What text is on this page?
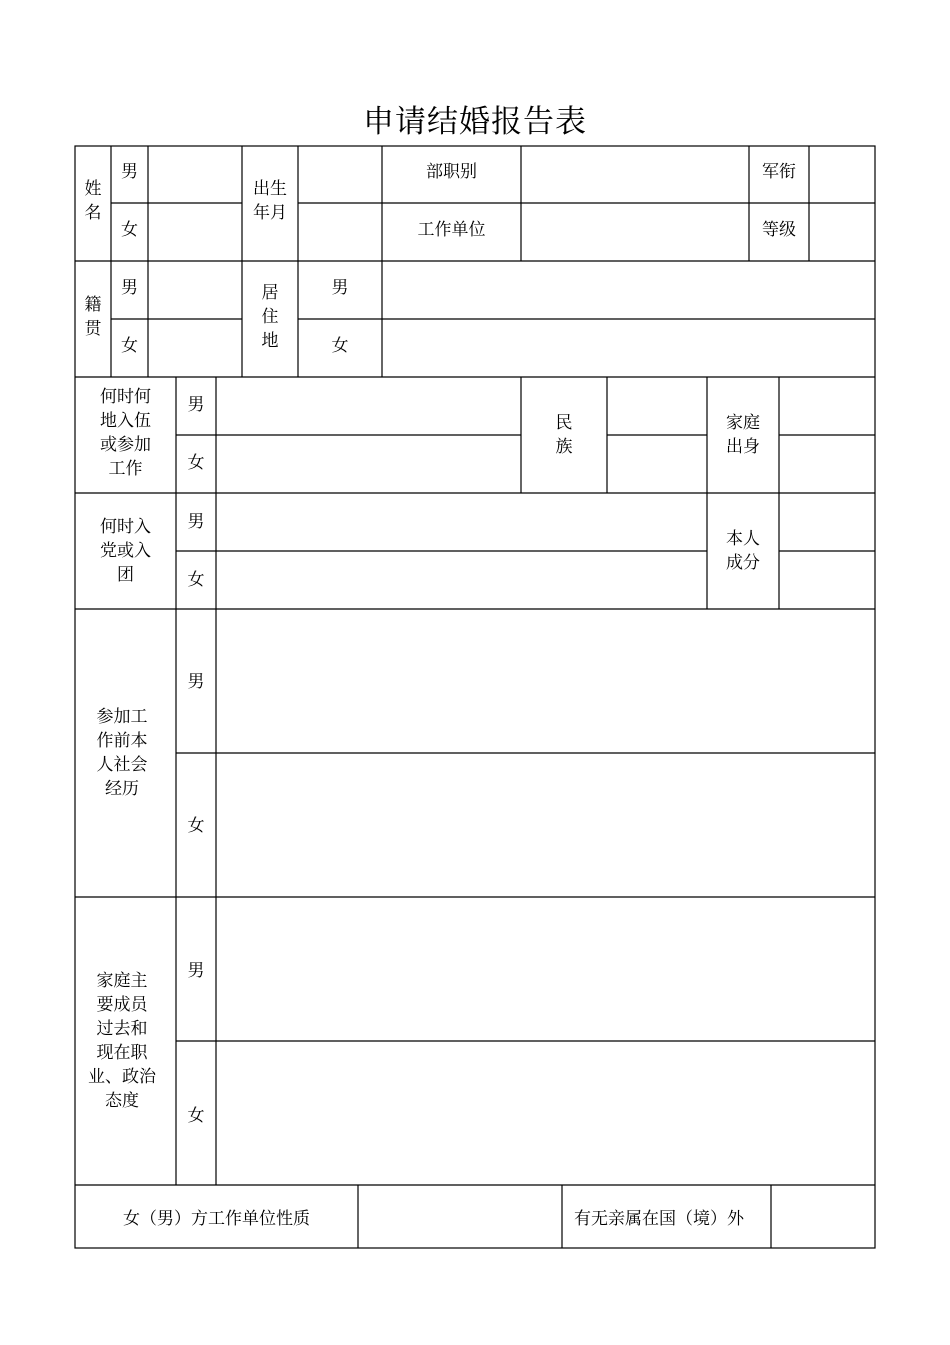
申请结婚报告表
姓
名
男
女
出生
年月
部职别
工作单位
军衔
等级
籍
贯
男
女
居
住
地
男
女
何时何
地入伍
或参加
工作
男
女
民
族
家庭
出身
何时入
党或入
团
男
女
本人
成分
参加工
作前本
人社会
经历
男
女
家庭主
要成员
过去和
现在职
业、政治
态度
男
女
女（男）方工作单位性质	有无亲属在国（境）外
